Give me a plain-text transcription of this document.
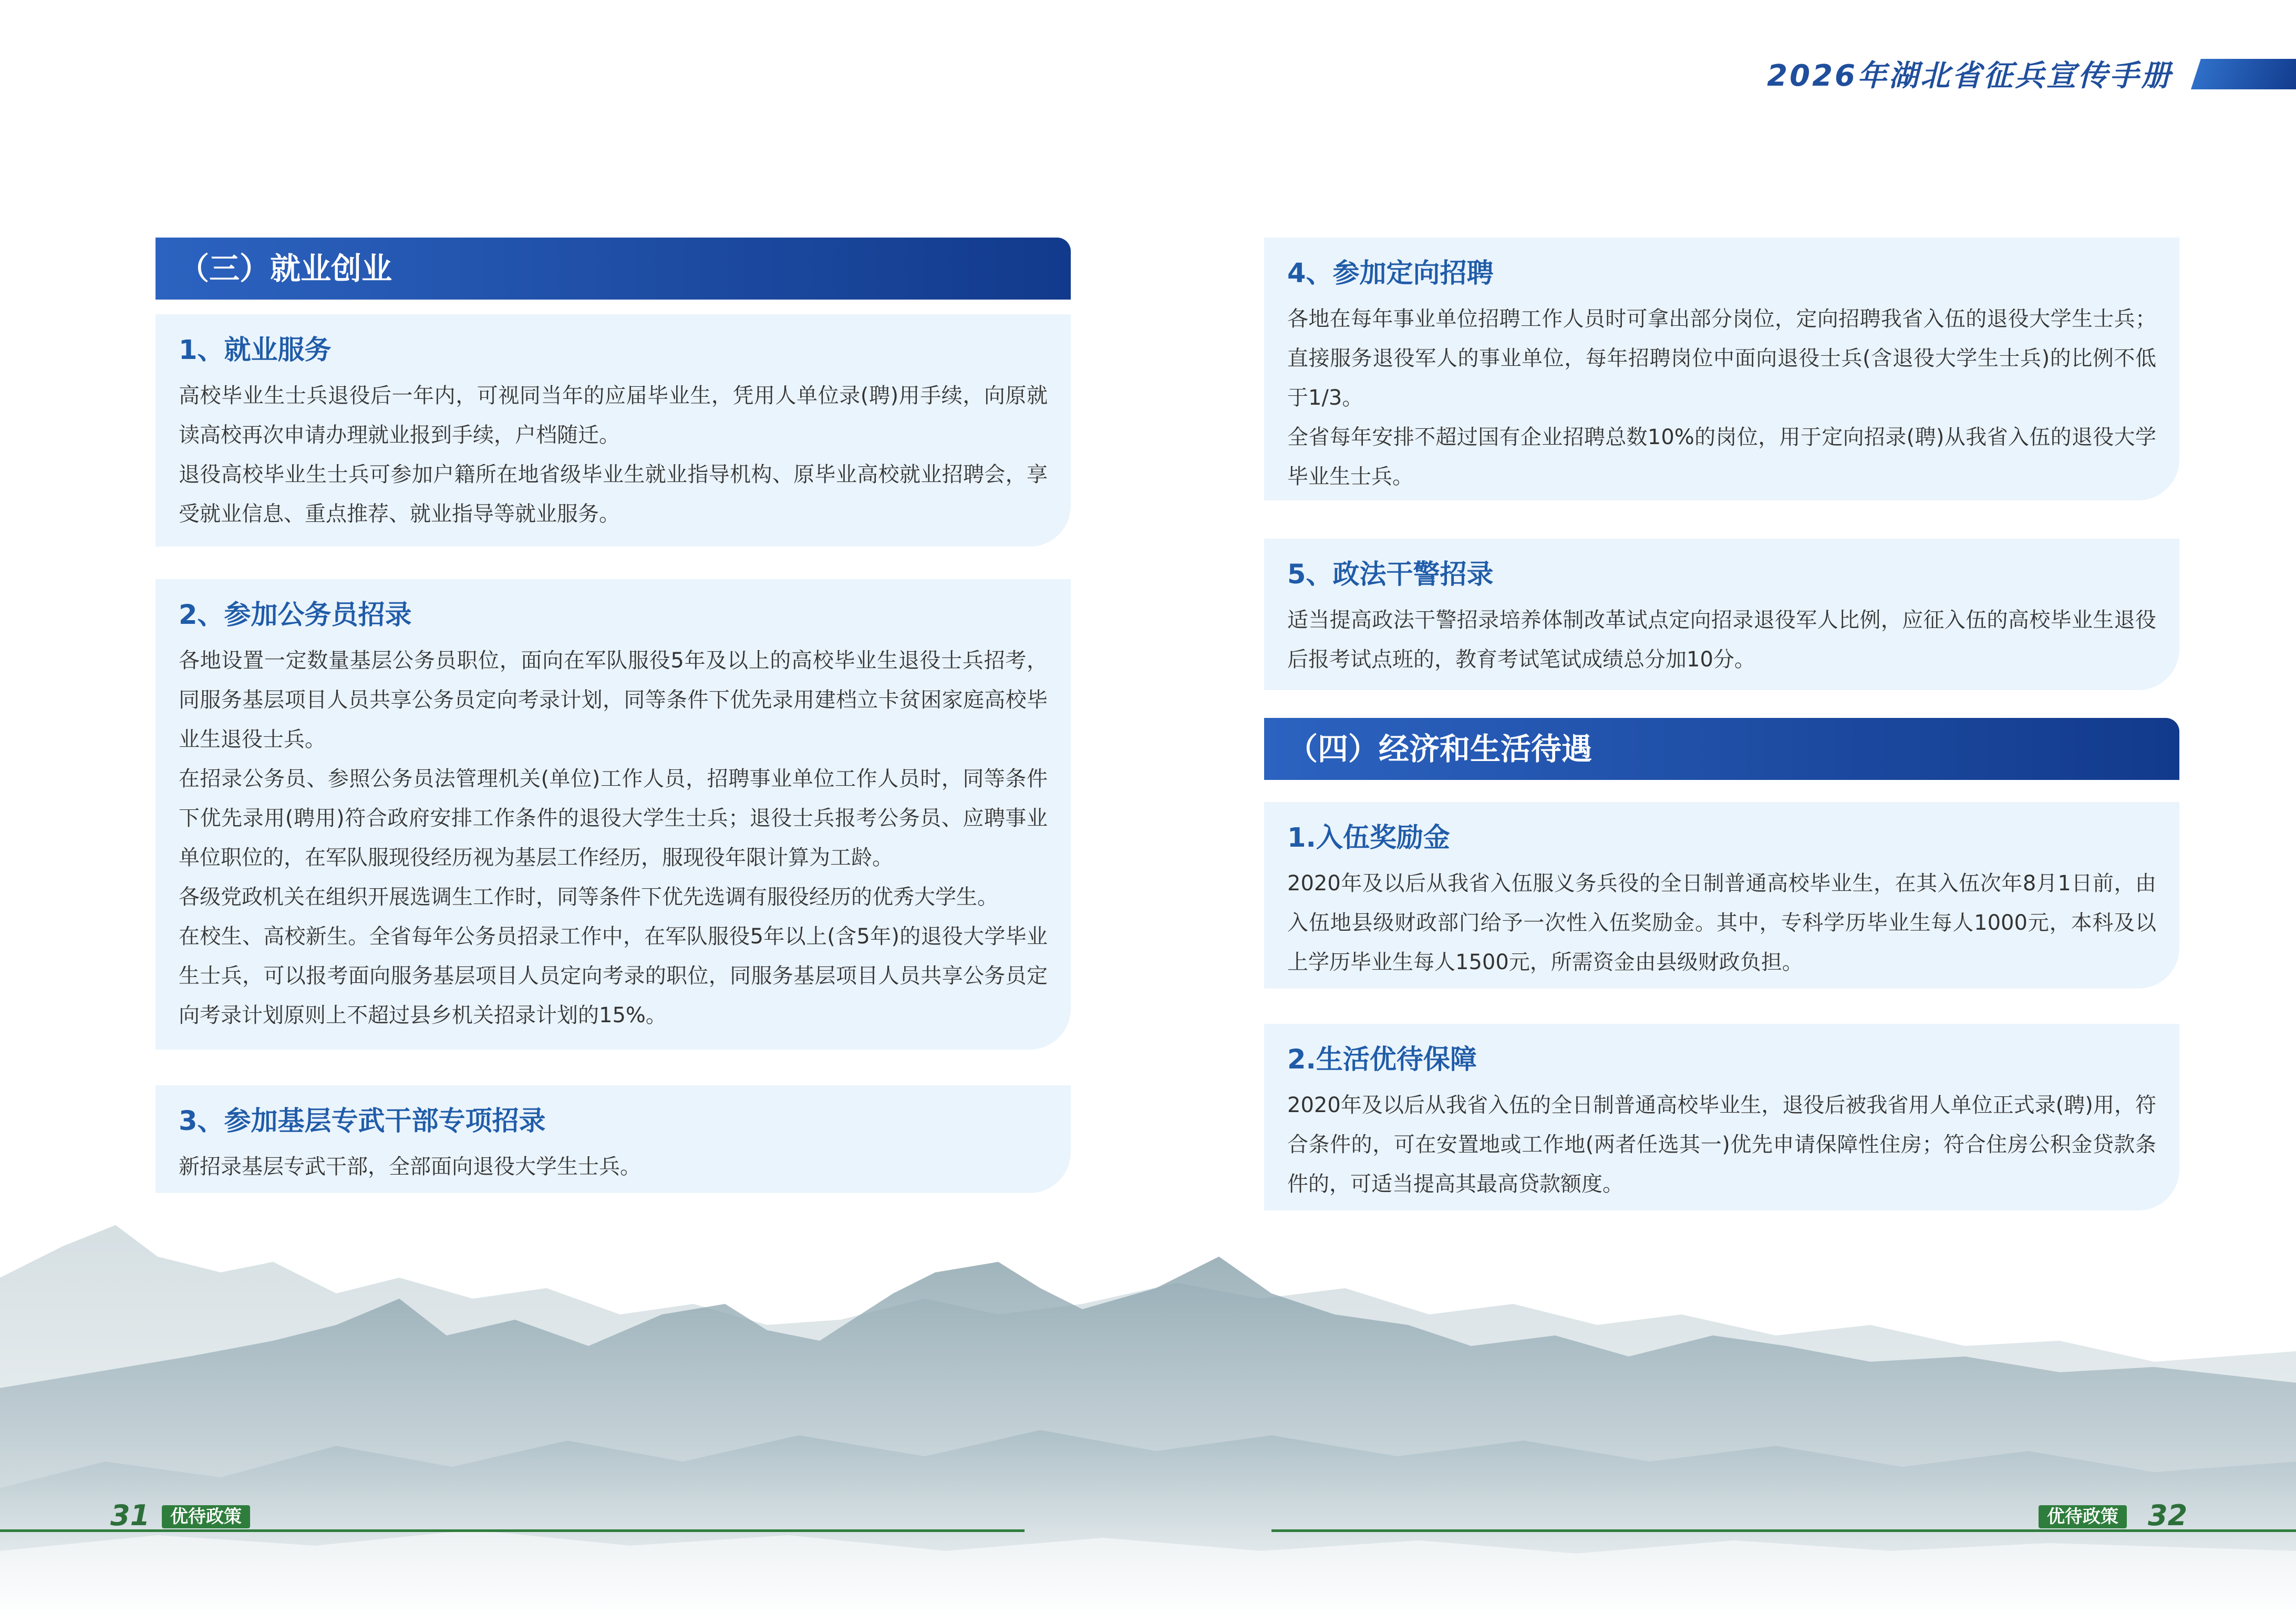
2026年湖北省征兵宣传手册
（三）就业创业
1、就业服务

高校毕业生士兵退役后一年内，可视同当年的应届毕业生，凭用人单位录(聘)用手续，向原就读高校再次申请办理就业报到手续，户档随迁。

退役高校毕业生士兵可参加户籍所在地省级毕业生就业指导机构、原毕业高校就业招聘会，享受就业信息、重点推荐、就业指导等就业服务。

2、参加公务员招录

各地设置一定数量基层公务员职位，面向在军队服役5年及以上的高校毕业生退役士兵招考，同服务基层项目人员共享公务员定向考录计划，同等条件下优先录用建档立卡贫困家庭高校毕业生退役士兵。

在招录公务员、参照公务员法管理机关(单位)工作人员，招聘事业单位工作人员时，同等条件下优先录用(聘用)符合政府安排工作条件的退役大学生士兵；退役士兵报考公务员、应聘事业单位职位的，在军队服现役经历视为基层工作经历，服现役年限计算为工龄。

各级党政机关在组织开展选调生工作时，同等条件下优先选调有服役经历的优秀大学生。

在校生、高校新生。全省每年公务员招录工作中，在军队服役5年以上(含5年)的退役大学毕业生士兵，可以报考面向服务基层项目人员定向考录的职位，同服务基层项目人员共享公务员定向考录计划原则上不超过县乡机关招录计划的15%。

3、参加基层专武干部专项招录

新招录基层专武干部，全部面向退役大学生士兵。

4、参加定向招聘

各地在每年事业单位招聘工作人员时可拿出部分岗位，定向招聘我省入伍的退役大学生士兵；直接服务退役军人的事业单位，每年招聘岗位中面向退役士兵(含退役大学生士兵)的比例不低于1/3。

全省每年安排不超过国有企业招聘总数10%的岗位，用于定向招录(聘)从我省入伍的退役大学毕业生士兵。

5、政法干警招录

适当提高政法干警招录培养体制改革试点定向招录退役军人比例，应征入伍的高校毕业生退役后报考试点班的，教育考试笔试成绩总分加10分。

（四）经济和生活待遇
1.入伍奖励金

2020年及以后从我省入伍服义务兵役的全日制普通高校毕业生，在其入伍次年8月1日前，由入伍地县级财政部门给予一次性入伍奖励金。其中，专科学历毕业生每人1000元，本科及以上学历毕业生每人1500元，所需资金由县级财政负担。

2.生活优待保障

2020年及以后从我省入伍的全日制普通高校毕业生，退役后被我省用人单位正式录(聘)用，符合条件的，可在安置地或工作地(两者任选其一)优先申请保障性住房；符合住房公积金贷款条件的，可适当提高其最高贷款额度。

31	优待政策	优待政策 32
